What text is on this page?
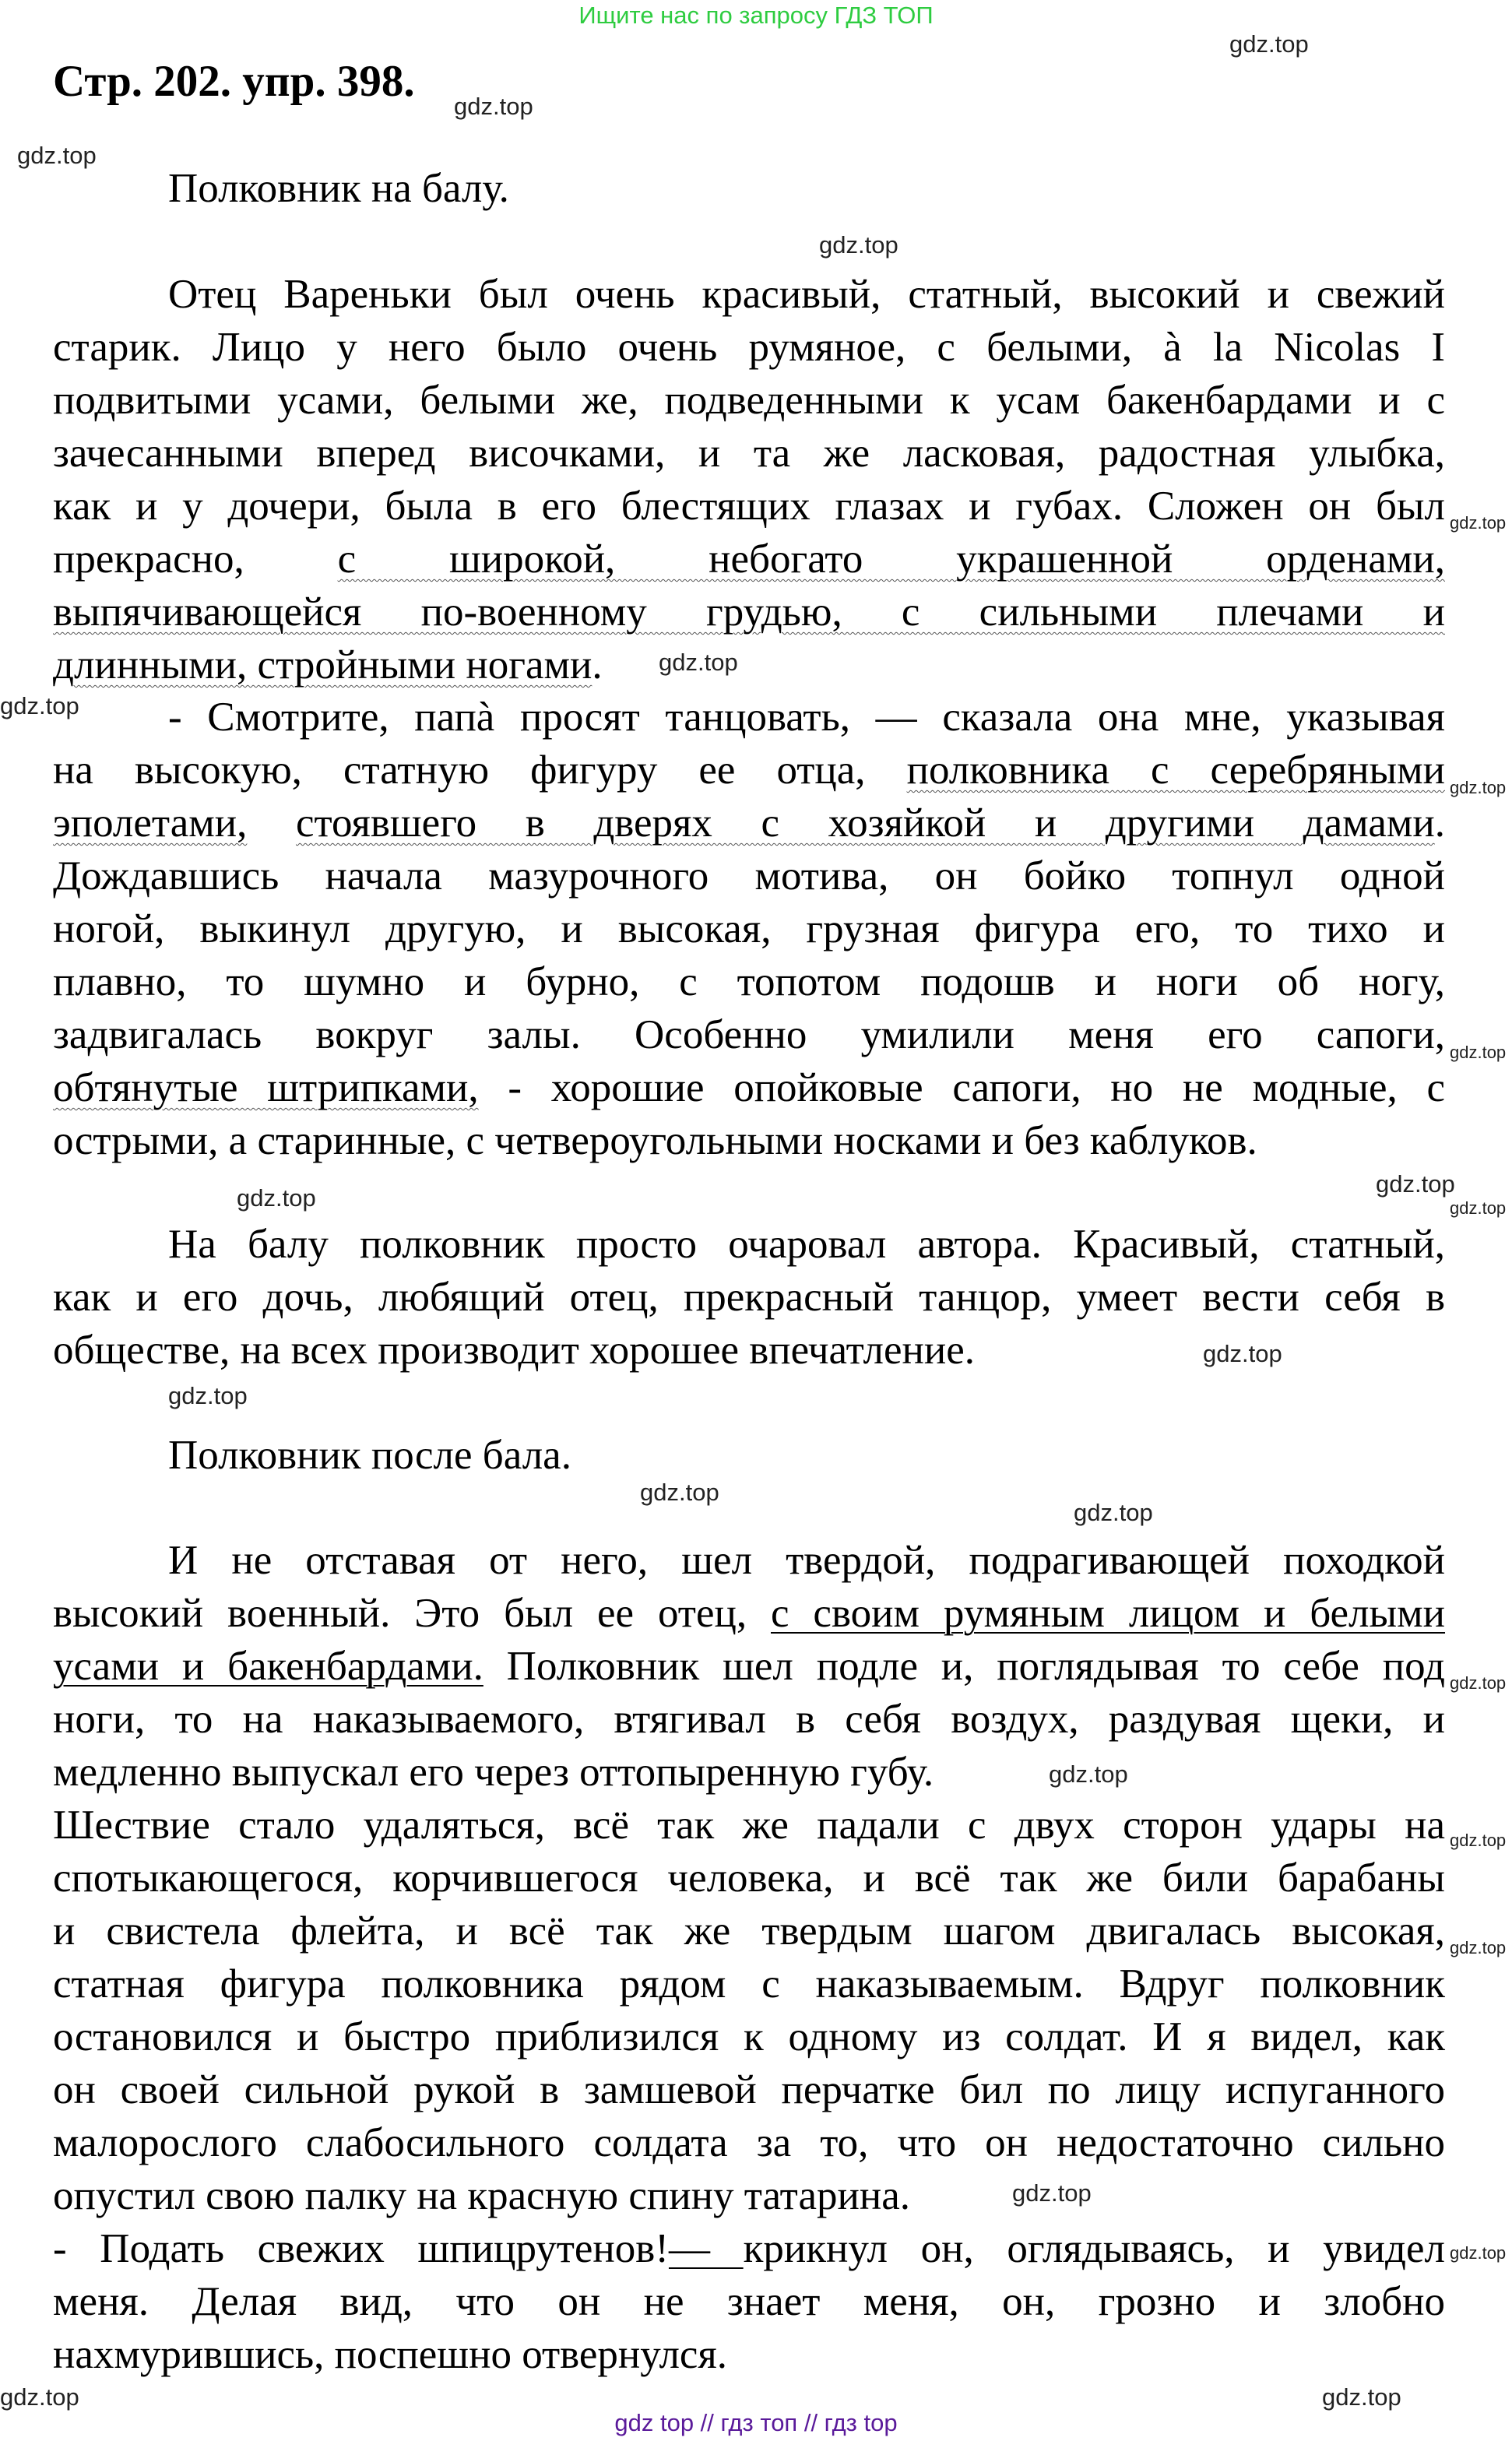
Ищите нас по запросу ГДЗ ТОП
Стр. 202. упр. 398.
Полковник на балу.
Полковник после бала.
Отец Вареньки был очень красивый, статный, высокий и свежий
старик. Лицо у него было очень румяное, с белыми, à la Nicolas I
подвитыми усами, белыми же, подведенными к усам бакенбардами и с
зачесанными вперед височками, и та же ласковая, радостная улыбка,
как и у дочери, была в его блестящих глазах и губах. Сложен он был
прекрасно, с широкой, небогато украшенной орденами,
выпячивающейся по-военному грудью, с сильными плечами и
длинными, стройными ногами.
- Смотрите, папà просят танцовать, — сказала она мне, указывая
на высокую, статную фигуру ее отца, полковника с серебряными
эполетами, стоявшего в дверях с хозяйкой и другими дамами.
Дождавшись начала мазурочного мотива, он бойко топнул одной
ногой, выкинул другую, и высокая, грузная фигура его, то тихо и
плавно, то шумно и бурно, с топотом подошв и ноги об ногу,
задвигалась вокруг залы. Особенно умилили меня его сапоги,
обтянутые штрипками, - хорошие опойковые сапоги, но не модные, с
острыми, а старинные, с четвероугольными носками и без каблуков.
На балу полковник просто очаровал автора. Красивый, статный,
как и его дочь, любящий отец, прекрасный танцор, умеет вести себя в
обществе, на всех производит хорошее впечатление.
И не отставая от него, шел твердой, подрагивающей походкой
высокий военный. Это был ее отец, с своим румяным лицом и белыми
усами и бакенбардами. Полковник шел подле и, поглядывая то себе под
ноги, то на наказываемого, втягивал в себя воздух, раздувая щеки, и
медленно выпускал его через оттопыренную губу.
Шествие стало удаляться, всё так же падали с двух сторон удары на
спотыкающегося, корчившегося человека, и всё так же били барабаны
и свистела флейта, и всё так же твердым шагом двигалась высокая,
статная фигура полковника рядом с наказываемым. Вдруг полковник
остановился и быстро приблизился к одному из солдат. И я видел, как
он своей сильной рукой в замшевой перчатке бил по лицу испуганного
малорослого слабосильного солдата за то, что он недостаточно сильно
опустил свою палку на красную спину татарина.
- Подать свежих шпицрутенов!— крикнул он, оглядываясь, и увидел
меня. Делая вид, что он не знает меня, он, грозно и злобно
нахмурившись, поспешно отвернулся.
gdz.top
gdz.top
gdz.top
gdz.top
gdz.top
gdz.top
gdz.top
gdz.top
gdz.top
gdz.top
gdz.top	gdz.top
gdz.top
gdz.top
gdz.top
gdz.top
gdz.top
gdz.top
gdz.top
gdz.top
gdz.top
gdz.top
gdz.top
gdz.top
gdz top // гдз топ // гдз top
